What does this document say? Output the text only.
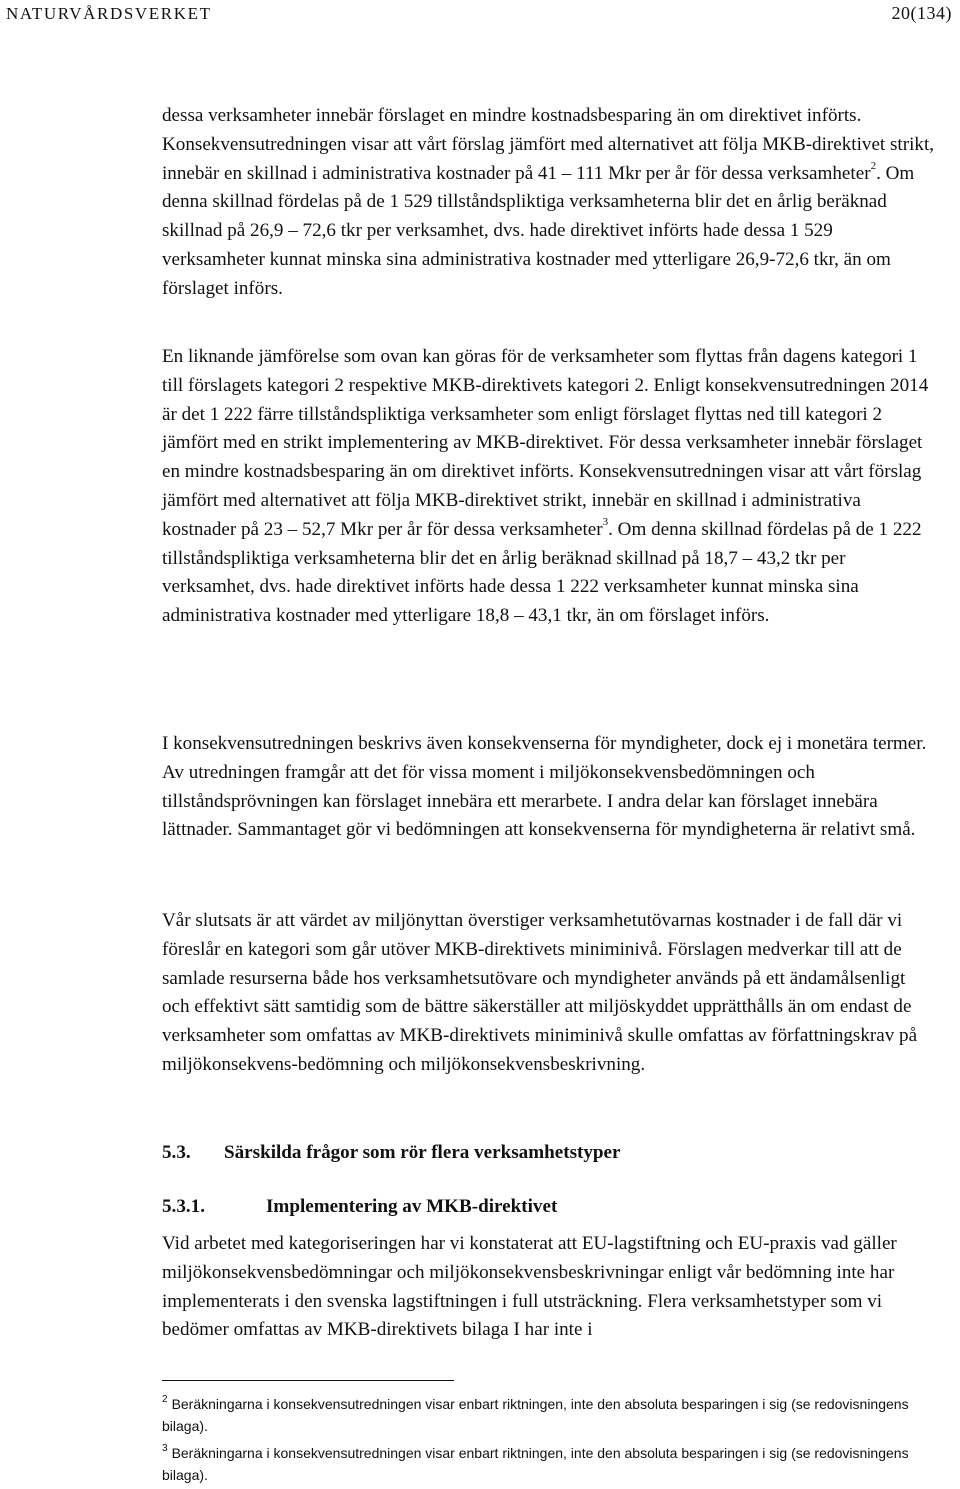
NATURVÅRDSVERKET	20(134)

dessa verksamheter innebär förslaget en mindre kostnadsbesparing än om direktivet införts. Konsekvensutredningen visar att vårt förslag jämfört med alternativet att följa MKB-direktivet strikt, innebär en skillnad i administrativa kostnader på 41 – 111 Mkr per år för dessa verksamheter$^2$. Om denna skillnad fördelas på de 1 529 tillståndspliktiga verksamheterna blir det en årlig beräknad skillnad på 26,9 – 72,6 tkr per verksamhet, dvs. hade direktivet införts hade dessa 1 529 verksamheter kunnat minska sina administrativa kostnader med ytterligare 26,9-72,6 tkr, än om förslaget införs.

En liknande jämförelse som ovan kan göras för de verksamheter som flyttas från dagens kategori 1 till förslagets kategori 2 respektive MKB-direktivets kategori 2. Enligt konsekvensutredningen 2014 är det 1 222 färre tillståndspliktiga verksamheter som enligt förslaget flyttas ned till kategori 2 jämfört med en strikt implementering av MKB-direktivet. För dessa verksamheter innebär förslaget en mindre kostnadsbesparing än om direktivet införts. Konsekvensutredningen visar att vårt förslag jämfört med alternativet att följa MKB-direktivet strikt, innebär en skillnad i administrativa kostnader på 23 – 52,7 Mkr per år för dessa verksamheter$^3$. Om denna skillnad fördelas på de 1 222 tillståndspliktiga verksamheterna blir det en årlig beräknad skillnad på 18,7 – 43,2 tkr per verksamhet, dvs. hade direktivet införts hade dessa 1 222 verksamheter kunnat minska sina administrativa kostnader med ytterligare 18,8 – 43,1 tkr, än om förslaget införs.

I konsekvensutredningen beskrivs även konsekvenserna för myndigheter, dock ej i monetära termer. Av utredningen framgår att det för vissa moment i miljökonsekvensbedömningen och tillståndsprövningen kan förslaget innebära ett merarbete. I andra delar kan förslaget innebära lättnader. Sammantaget gör vi bedömningen att konsekvenserna för myndigheterna är relativt små.

Vår slutsats är att värdet av miljönyttan överstiger verksamhetutövarnas kostnader i de fall där vi föreslår en kategori som går utöver MKB-direktivets miniminivå. Förslagen medverkar till att de samlade resurserna både hos verksamhetsutövare och myndigheter används på ett ändamålsenligt och effektivt sätt samtidig som de bättre säkerställer att miljöskyddet upprätthålls än om endast de verksamheter som omfattas av MKB-direktivets miniminivå skulle omfattas av författningskrav på miljökonsekvens-bedömning och miljökonsekvensbeskrivning.

5.3. Särskilda frågor som rör flera verksamhetstyper
5.3.1.	Implementering av MKB-direktivet

Vid arbetet med kategoriseringen har vi konstaterat att EU-lagstiftning och EU-praxis vad gäller miljökonsekvensbedömningar och miljökonsekvensbeskrivningar enligt vår bedömning inte har implementerats i den svenska lagstiftningen i full utsträckning. Flera verksamhetstyper som vi bedömer omfattas av MKB-direktivets bilaga I har inte i

$^2$ Beräkningarna i konsekvensutredningen visar enbart riktningen, inte den absoluta besparingen i sig (se redovisningens bilaga).

$^3$ Beräkningarna i konsekvensutredningen visar enbart riktningen, inte den absoluta besparingen i sig (se redovisningens bilaga).
